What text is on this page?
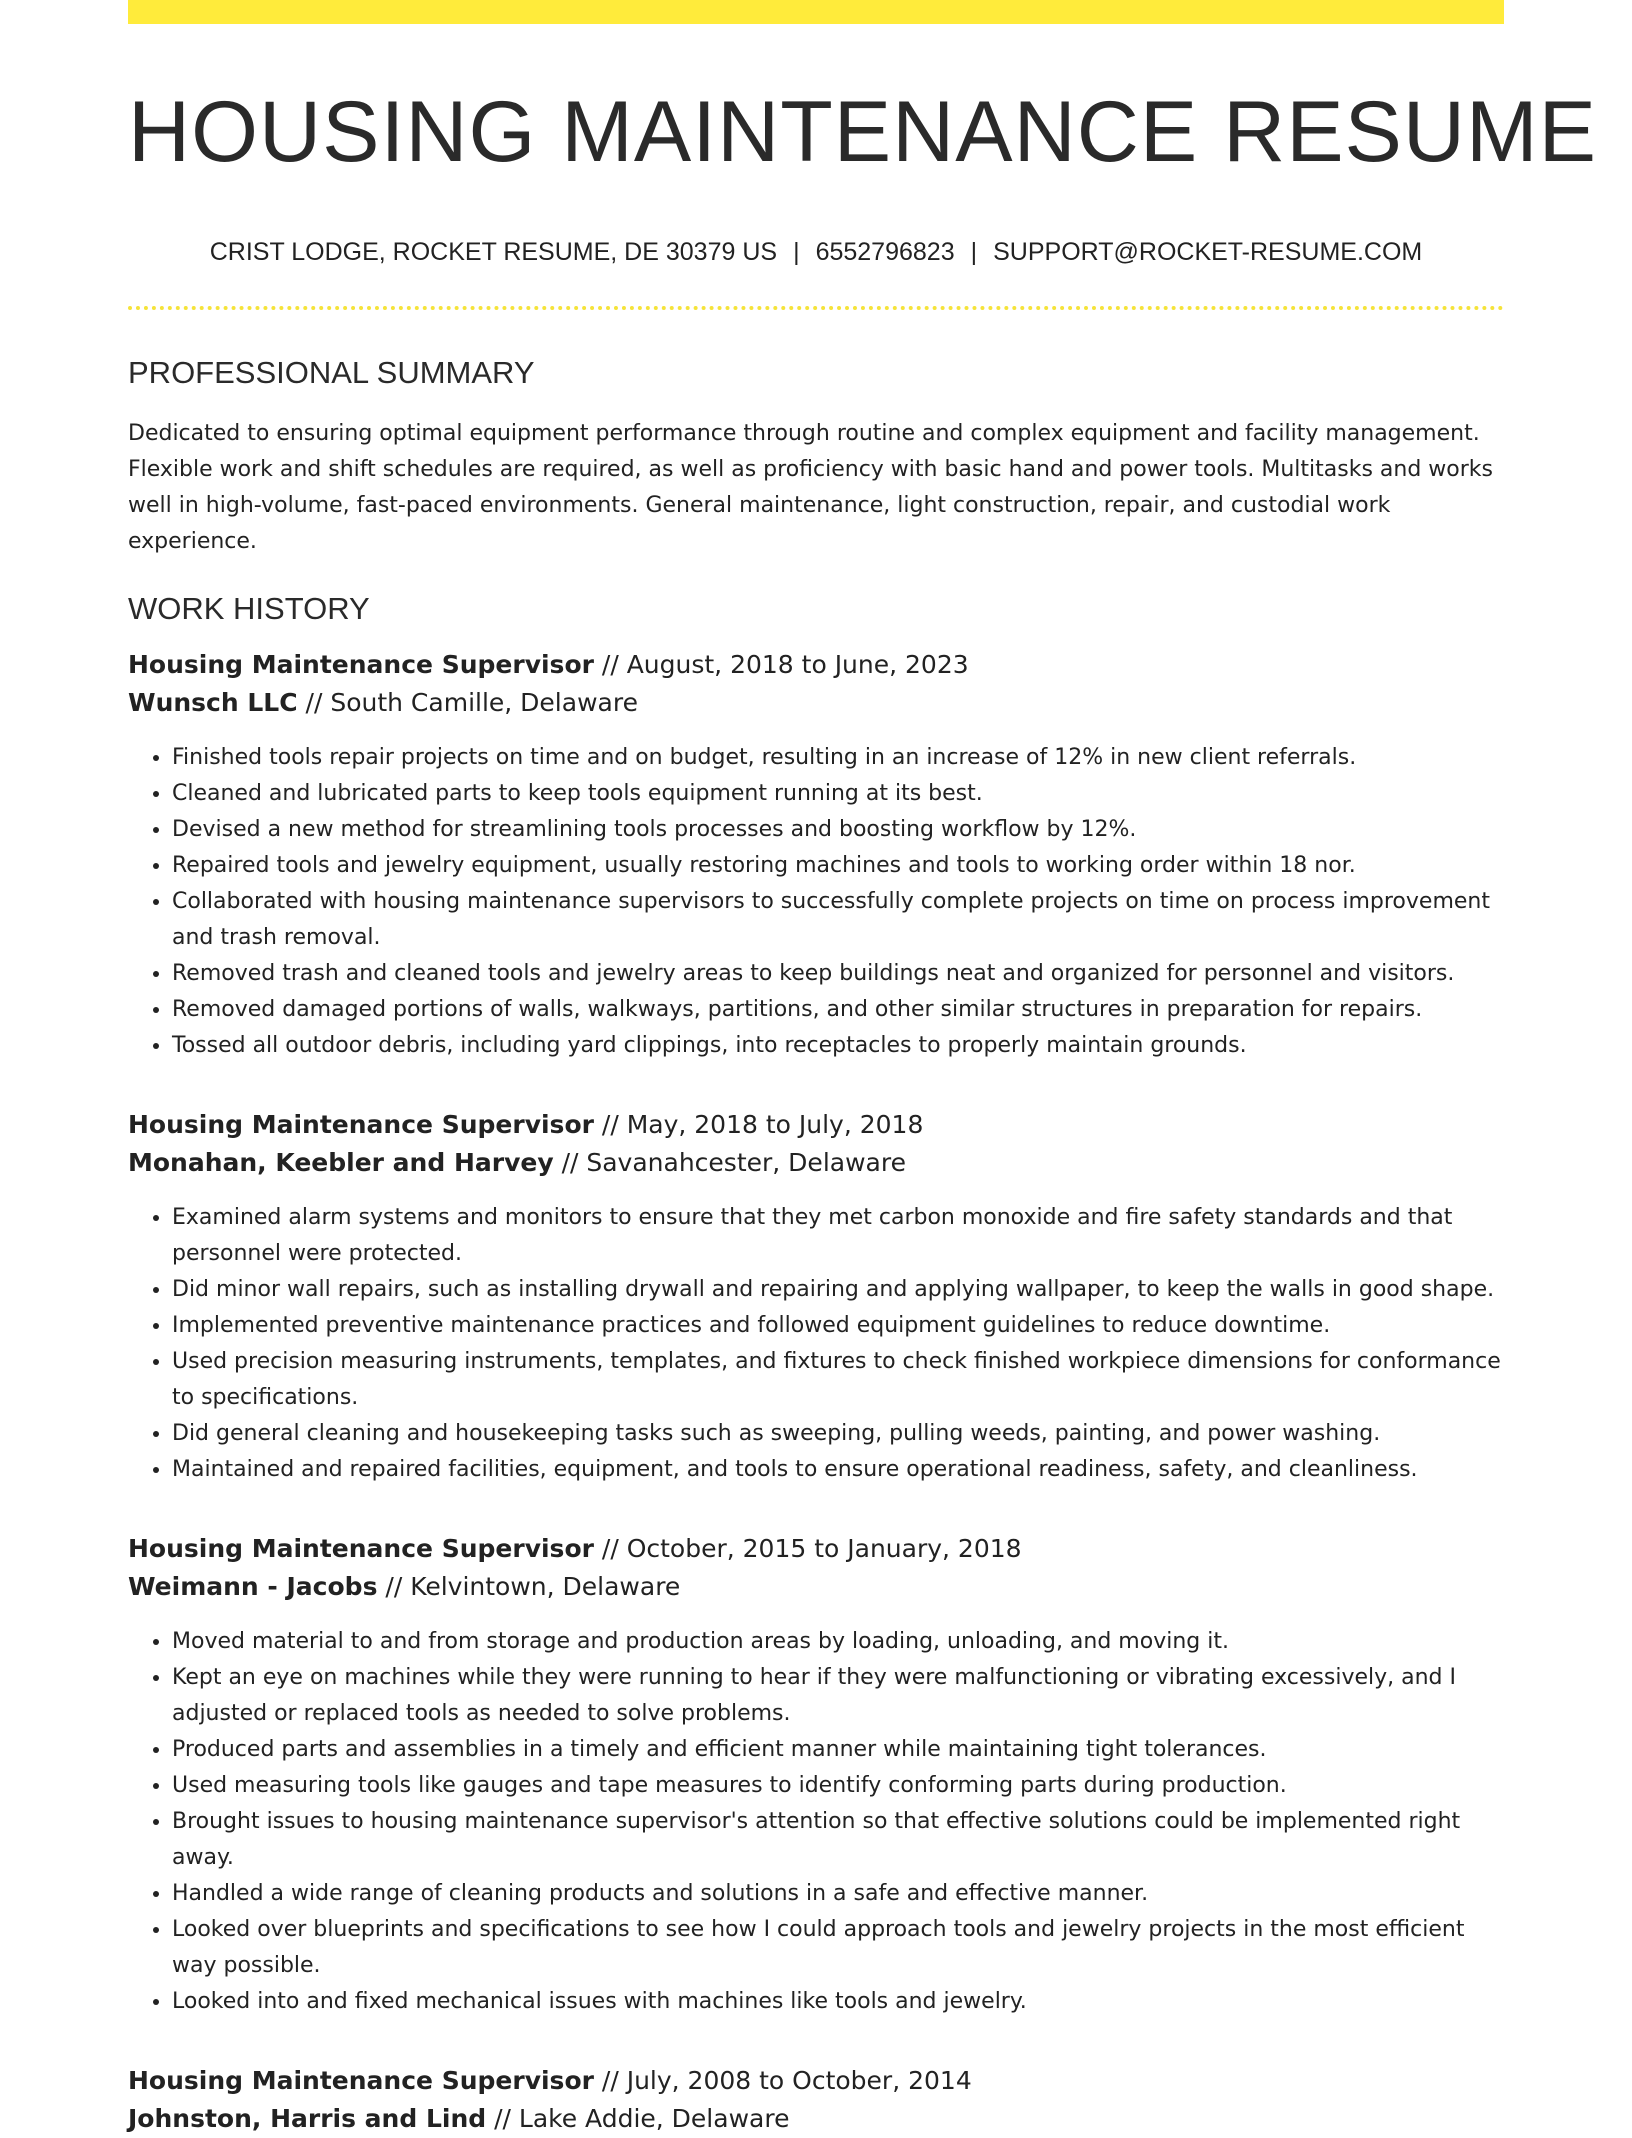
HOUSING MAINTENANCE RESUME
CRIST LODGE, ROCKET RESUME, DE 30379 US | 6552796823 | SUPPORT@ROCKET-RESUME.COM
PROFESSIONAL SUMMARY

Dedicated to ensuring optimal equipment performance through routine and complex equipment and facility management. Flexible work and shift schedules are required, as well as proficiency with basic hand and power tools. Multitasks and works well in high-volume, fast-paced environments. General maintenance, light construction, repair, and custodial work experience.

WORK HISTORY
Housing Maintenance Supervisor // August, 2018 to June, 2023
Wunsch LLC // South Camille, Delaware
• Finished tools repair projects on time and on budget, resulting in an increase of 12% in new client referrals.
• Cleaned and lubricated parts to keep tools equipment running at its best.
• Devised a new method for streamlining tools processes and boosting workflow by 12%.
• Repaired tools and jewelry equipment, usually restoring machines and tools to working order within 18 nor.
• Collaborated with housing maintenance supervisors to successfully complete projects on time on process improvement and trash removal.
• Removed trash and cleaned tools and jewelry areas to keep buildings neat and organized for personnel and visitors.
• Removed damaged portions of walls, walkways, partitions, and other similar structures in preparation for repairs.
• Tossed all outdoor debris, including yard clippings, into receptacles to properly maintain grounds.
Housing Maintenance Supervisor // May, 2018 to July, 2018
Monahan, Keebler and Harvey // Savanahcester, Delaware
• Examined alarm systems and monitors to ensure that they met carbon monoxide and fire safety standards and that personnel were protected.
• Did minor wall repairs, such as installing drywall and repairing and applying wallpaper, to keep the walls in good shape.
• Implemented preventive maintenance practices and followed equipment guidelines to reduce downtime.
• Used precision measuring instruments, templates, and fixtures to check finished workpiece dimensions for conformance to specifications.
• Did general cleaning and housekeeping tasks such as sweeping, pulling weeds, painting, and power washing.
• Maintained and repaired facilities, equipment, and tools to ensure operational readiness, safety, and cleanliness.
Housing Maintenance Supervisor // October, 2015 to January, 2018
Weimann - Jacobs // Kelvintown, Delaware
• Moved material to and from storage and production areas by loading, unloading, and moving it.
• Kept an eye on machines while they were running to hear if they were malfunctioning or vibrating excessively, and I adjusted or replaced tools as needed to solve problems.
• Produced parts and assemblies in a timely and efficient manner while maintaining tight tolerances.
• Used measuring tools like gauges and tape measures to identify conforming parts during production.
• Brought issues to housing maintenance supervisor's attention so that effective solutions could be implemented right away.
• Handled a wide range of cleaning products and solutions in a safe and effective manner.
• Looked over blueprints and specifications to see how I could approach tools and jewelry projects in the most efficient way possible.
• Looked into and fixed mechanical issues with machines like tools and jewelry.
Housing Maintenance Supervisor // July, 2008 to October, 2014
Johnston, Harris and Lind // Lake Addie, Delaware
